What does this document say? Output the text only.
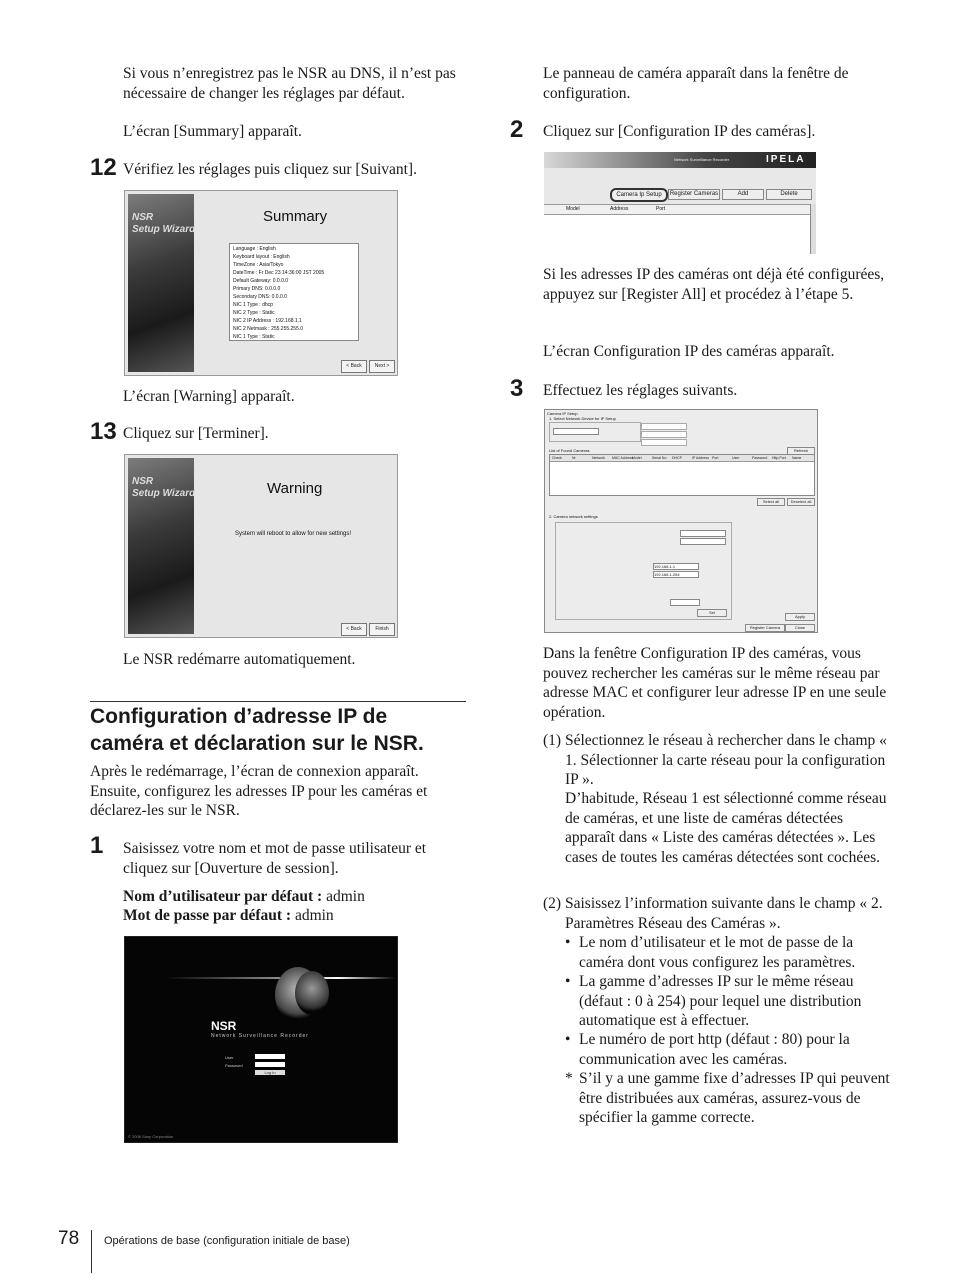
Si vous n’enregistrez pas le NSR au DNS, il n’est pas nécessaire de changer les réglages par défaut.

L’écran [Summary] apparaît.

12 Vérifiez les réglages puis cliquez sur [Suivant].

NSR
Setup Wizard
Summary
Language : English
Keyboard layout : English
TimeZone : Asia/Tokyo
DateTime : Fr Dec 23 14:36:00 JST 2005
Default Gateway: 0.0.0.0
Primary DNS: 0.0.0.0
Secondary DNS: 0.0.0.0
NIC 1 Type : dhcp
NIC 2 Type : Static
NIC 2 IP Address : 192.168.1.1
NIC 2 Netmask : 255.255.255.0
NIC 1 Type : Static
< Back	Next >

L’écran [Warning] apparaît.

13 Cliquez sur [Terminer].

NSR
Setup Wizard	Warning
System will reboot to allow for new settings!
< Back	Finish

Le NSR redémarre automatiquement.

Configuration d’adresse IP de caméra et déclaration sur le NSR.

Après le redémarrage, l’écran de connexion apparaît. Ensuite, configurez les adresses IP pour les caméras et déclarez-les sur le NSR.

1 Saisissez votre nom et mot de passe utilisateur et cliquez sur [Ouverture de session].

Nom d’utilisateur par défaut : admin

Mot de passe par défaut : admin

NSR
Network Surveillance Recorder
User
Password
Log In
© 2006 Sony Corporation

Le panneau de caméra apparaît dans la fenêtre de configuration.

2 Cliquez sur [Configuration IP des caméras].

Network Surveillance Recorder	IPELA
Camera Ip Setup	Register Cameras	Add	Delete
Model	Address	Port

Si les adresses IP des caméras ont déjà été configurées, appuyez sur [Register All] et procédez à l’étape 5.

L’écran Configuration IP des caméras apparaît.

3 Effectuez les réglages suivants.

Camera IP Setup
1. Select Network Device for IP Setup
List of Found Cameras	Refresh
Check	Nr	Network MAC Address
Model	Serial No DHCP	IP Address Port	User	Password Http Port Name
Select all	Deselect all
2. Camera network settings
192.168.1.1
192.168.1.254
Set
Apply
Register Camera	Close

Dans la fenêtre Configuration IP des caméras, vous pouvez rechercher les caméras sur le même réseau par adresse MAC et configurer leur adresse IP en une seule opération.

(1) Sélectionnez le réseau à rechercher dans le champ « 1. Sélectionner la carte réseau pour la configuration IP ».

D’habitude, Réseau 1 est sélectionné comme réseau de caméras, et une liste de caméras détectées apparaît dans « Liste des caméras détectées ». Les cases de toutes les caméras détectées sont cochées.

(2) Saisissez l’information suivante dans le champ « 2. Paramètres Réseau des Caméras ».

• Le nom d’utilisateur et le mot de passe de la caméra dont vous configurez les paramètres.

• La gamme d’adresses IP sur le même réseau (défaut : 0 à 254) pour lequel une distribution automatique est à effectuer.

• Le numéro de port http (défaut : 80) pour la communication avec les caméras.

* S’il y a une gamme fixe d’adresses IP qui peuvent être distribuées aux caméras, assurez-vous de spécifier la gamme correcte.

78 Opérations de base (configuration initiale de base)
